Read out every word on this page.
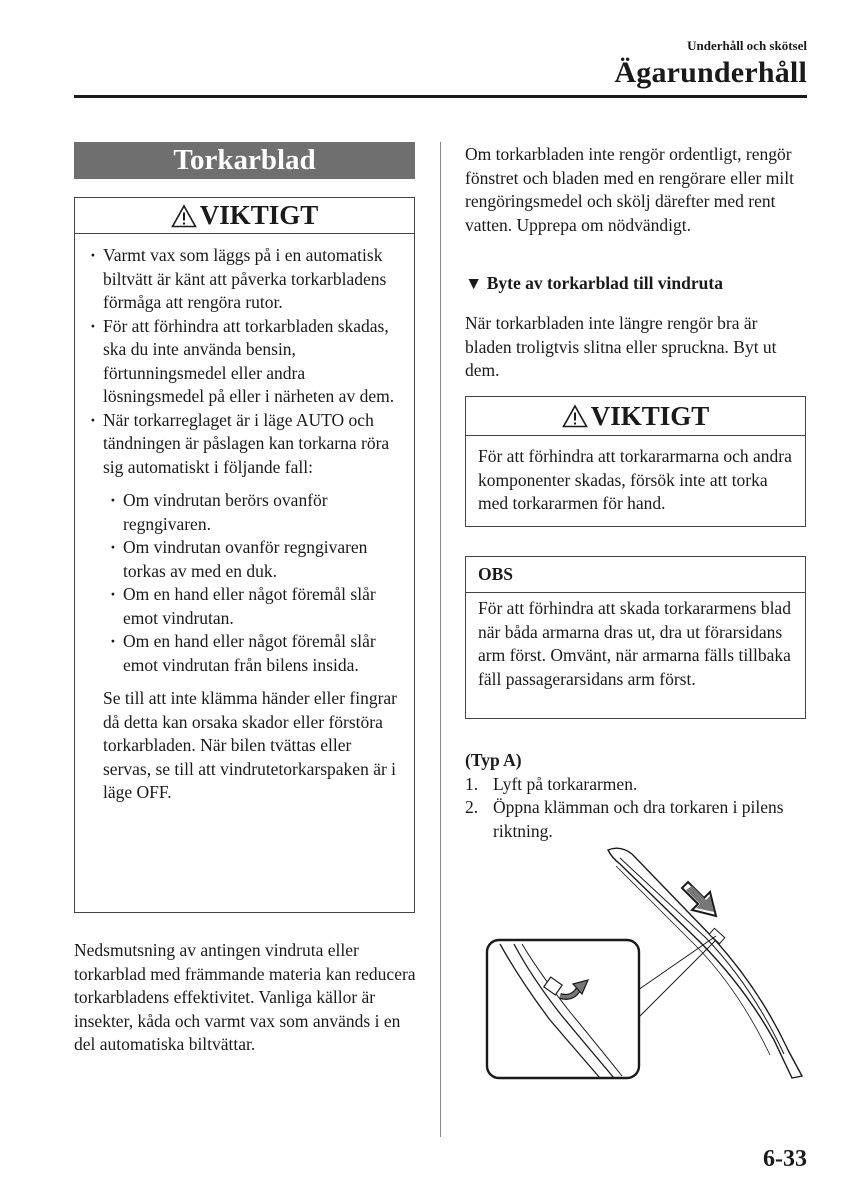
Underhåll och skötsel
Ägarunderhåll
Torkarblad
VIKTIGT
· Varmt vax som läggs på i en automatisk biltvätt är känt att påverka torkarbladens förmåga att rengöra rutor.
· För att förhindra att torkarbladen skadas, ska du inte använda bensin, förtunningsmedel eller andra lösningsmedel på eller i närheten av dem.
· När torkarreglaget är i läge AUTO och tändningen är påslagen kan torkarna röra sig automatiskt i följande fall:
· Om vindrutan berörs ovanför regngivaren.
· Om vindrutan ovanför regngivaren torkas av med en duk.
· Om en hand eller något föremål slår emot vindrutan.
· Om en hand eller något föremål slår emot vindrutan från bilens insida.
Se till att inte klämma händer eller fingrar då detta kan orsaka skador eller förstöra torkarbladen. När bilen tvättas eller servas, se till att vindrutetorkarspaken är i läge OFF.
Nedsmutsning av antingen vindruta eller torkarblad med främmande materia kan reducera torkarbladens effektivitet. Vanliga källor är insekter, kåda och varmt vax som används i en del automatiska biltvättar.
Om torkarbladen inte rengör ordentligt, rengör fönstret och bladen med en rengörare eller milt rengöringsmedel och skölj därefter med rent vatten. Upprepa om nödvändigt.
▼ Byte av torkarblad till vindruta
När torkarbladen inte längre rengör bra är bladen troligtvis slitna eller spruckna. Byt ut dem.
VIKTIGT
För att förhindra att torkararmarna och andra komponenter skadas, försök inte att torka med torkararmen för hand.
OBS
För att förhindra att skada torkararmens blad när båda armarna dras ut, dra ut förarsidans arm först. Omvänt, när armarna fälls tillbaka fäll passagerarsidans arm först.
(Typ A)
1. Lyft på torkararmen.
2. Öppna klämman och dra torkaren i pilens riktning.
6-33
